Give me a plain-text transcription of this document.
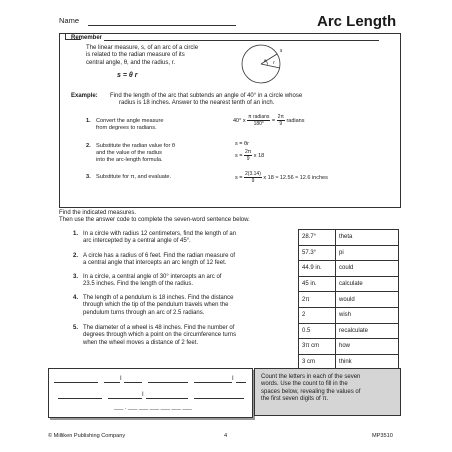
Name	Arc Length
Remember
The linear measure, s, of an arc of a circle
is related to the radian measure of its
central angle, θ, and the radius, r.
s = θ r
s
r
θ
Example: Find the length of the arc that subtends an angle of 40° in a circle whose
radius is 18 inches. Answer to the nearest tenth of an inch.
1. Convert the angle measure
from degrees to radians.
2. Substitute the radian value for θ
and the value of the radius
into the arc-length formula.
3. Substitute for π, and evaluate.
40° x $\frac{\text{π radians}}{180^\circ} = \frac{2\pi}{9}$ radians
s = θr
$s = \frac{2\pi}{9}$ x 18
$s = \frac{2(3.14)}{9}$ x 18 ≈ 12.56 ≈ 12.6 inches
Find the indicated measures.
Then use the answer code to complete the seven-word sentence below.
1. In a circle with radius 12 centimeters, find the length of an
arc intercepted by a central angle of 45°.
2. A circle has a radius of 6 feet. Find the radian measure of
a central angle that intercepts an arc length of 12 feet.
3. In a circle, a central angle of 30° intercepts an arc of
23.5 inches. Find the length of the radius.
4. The length of a pendulum is 18 inches. Find the distance
through which the tip of the pendulum travels when the
pendulum turns through an arc of 2.5 radians.
5. The diameter of a wheel is 48 inches. Find the number of
degrees through which a point on the circumference turns
when the wheel moves a distance of 2 feet.
28.7°	theta
57.3°	pi
44.9 in.	could
45 in.	calculate
2π	would
2	wish
0.5	recalculate
3π cm	how
3 cm	think
I	I
I
___ . ___ ___ ___ ___ ___ ___
Count the letters in each of the seven
words. Use the count to fill in the
spaces below, revealing the values of
the first seven digits of π.
© Milliken Publishing Company	4	MP3510
